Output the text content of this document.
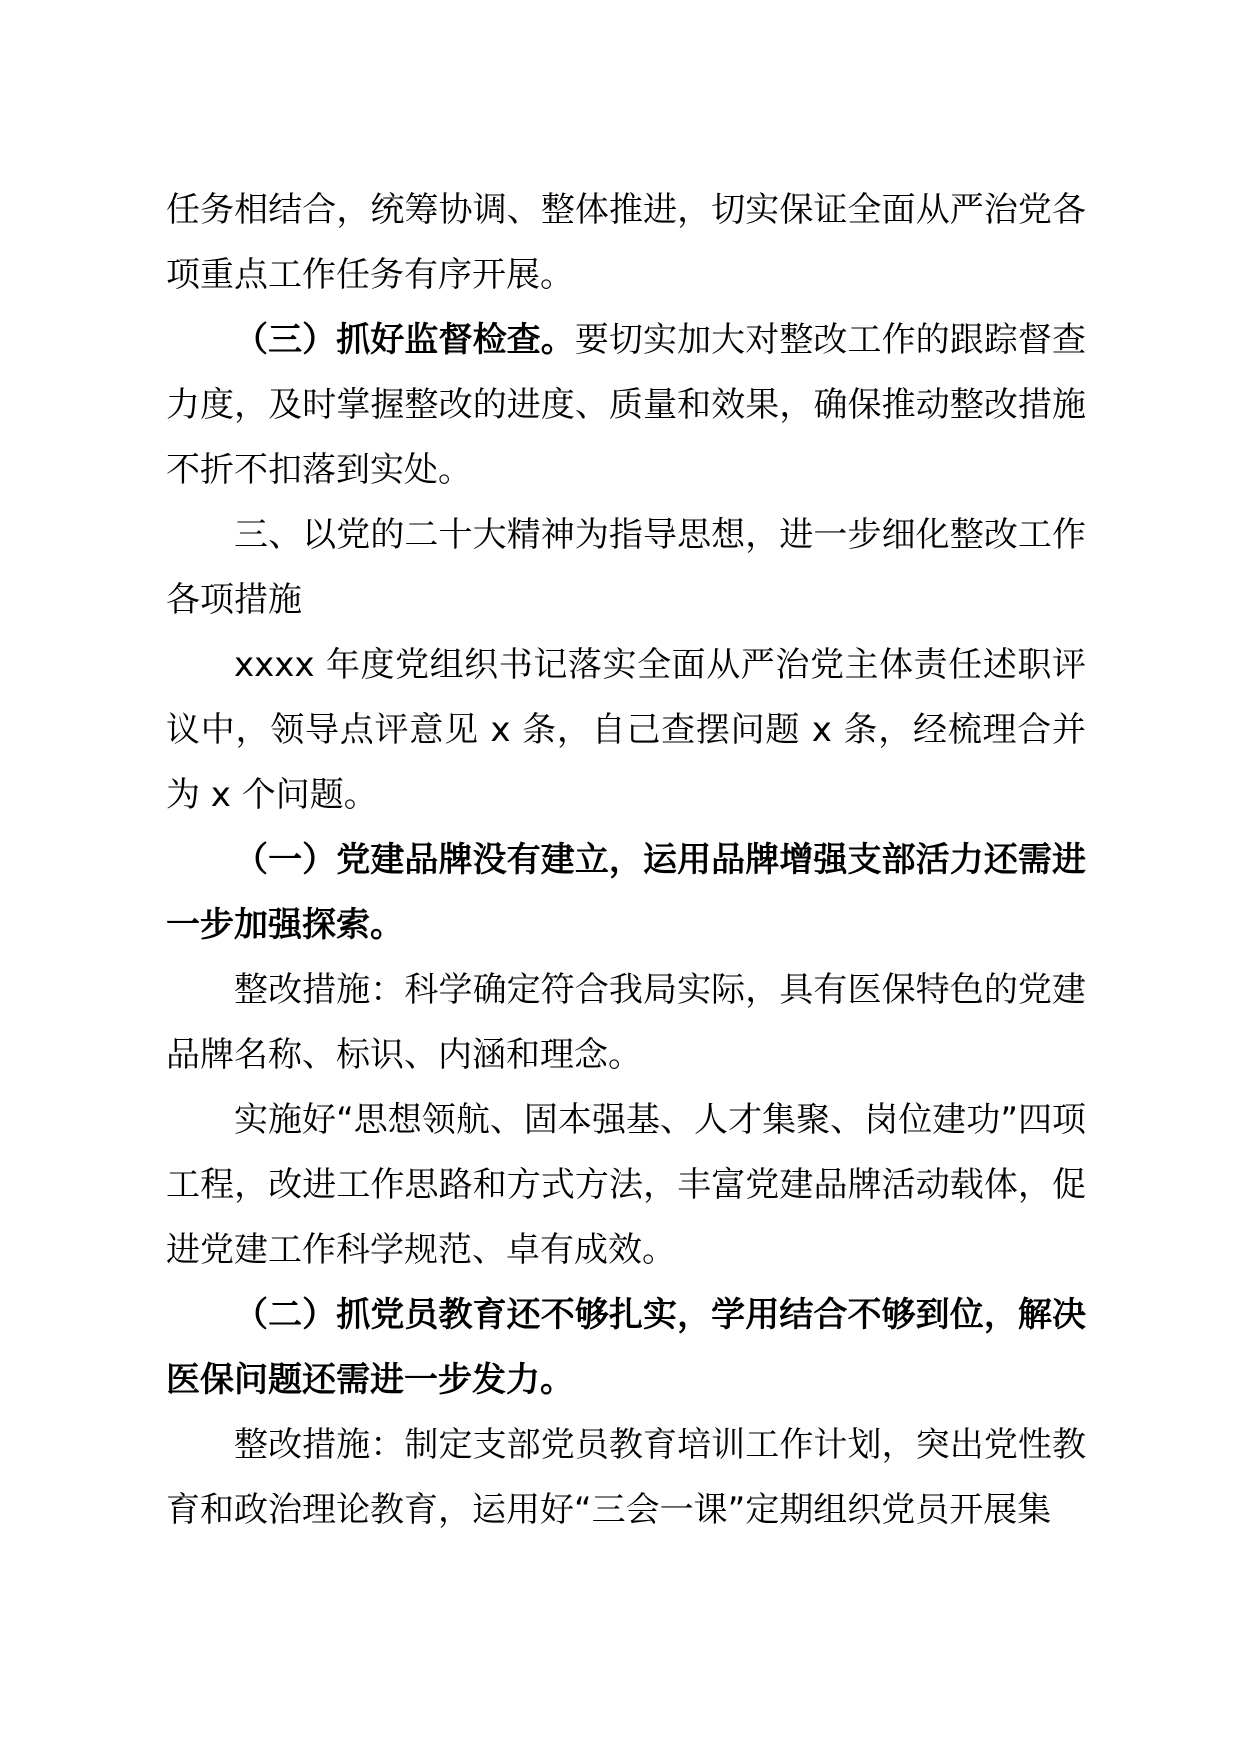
任务相结合，统筹协调、整体推进，切实保证全面从严治党各项重点工作任务有序开展。

（三）抓好监督检查。要切实加大对整改工作的跟踪督查力度，及时掌握整改的进度、质量和效果，确保推动整改措施不折不扣落到实处。

三、以党的二十大精神为指导思想，进一步细化整改工作各项措施

xxxx 年度党组织书记落实全面从严治党主体责任述职评议中，领导点评意见 x 条，自己查摆问题 x 条，经梳理合并为 x 个问题。

（一）党建品牌没有建立，运用品牌增强支部活力还需进一步加强探索。

整改措施：科学确定符合我局实际，具有医保特色的党建品牌名称、标识、内涵和理念。

实施好“思想领航、固本强基、人才集聚、岗位建功”四项工程，改进工作思路和方式方法，丰富党建品牌活动载体，促进党建工作科学规范、卓有成效。

（二）抓党员教育还不够扎实，学用结合不够到位，解决医保问题还需进一步发力。

整改措施：制定支部党员教育培训工作计划，突出党性教育和政治理论教育，运用好“三会一课”定期组织党员开展集
